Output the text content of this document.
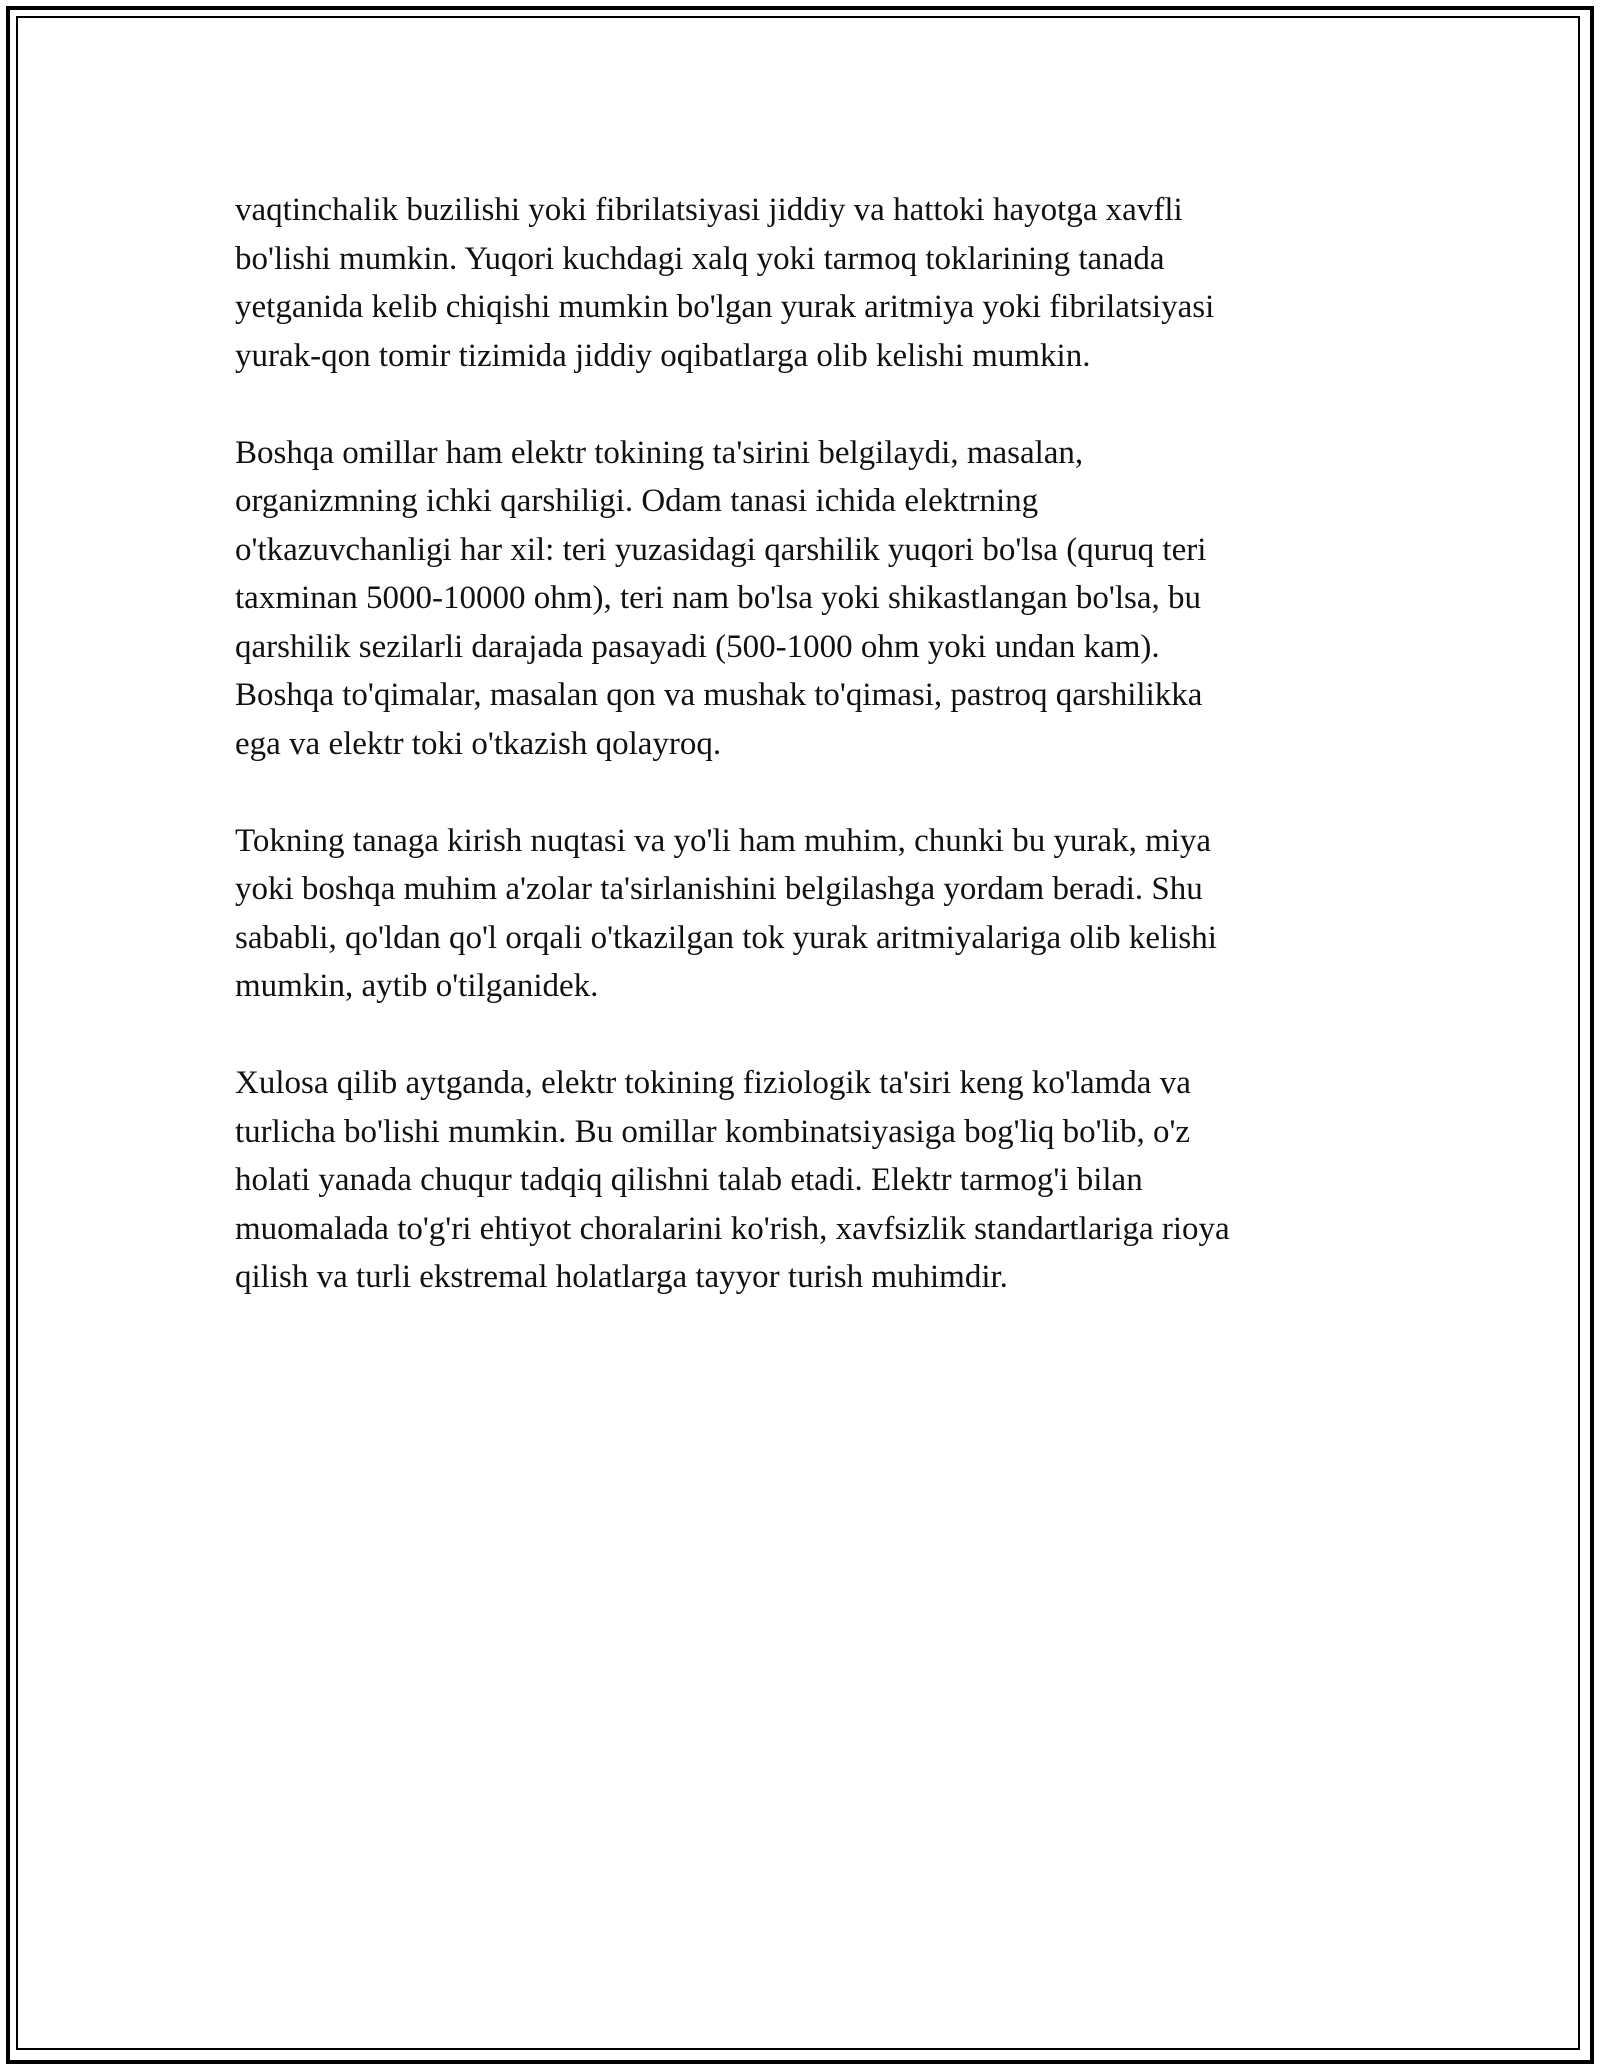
vaqtinchalik buzilishi yoki fibrilatsiyasi jiddiy va hattoki hayotga xavfli
bo'lishi mumkin. Yuqori kuchdagi xalq yoki tarmoq toklarining tanada
yetganida kelib chiqishi mumkin bo'lgan yurak aritmiya yoki fibrilatsiyasi
yurak-qon tomir tizimida jiddiy oqibatlarga olib kelishi mumkin.

Boshqa omillar ham elektr tokining ta'sirini belgilaydi, masalan,
organizmning ichki qarshiligi. Odam tanasi ichida elektrning
o'tkazuvchanligi har xil: teri yuzasidagi qarshilik yuqori bo'lsa (quruq teri
taxminan 5000-10000 ohm), teri nam bo'lsa yoki shikastlangan bo'lsa, bu
qarshilik sezilarli darajada pasayadi (500-1000 ohm yoki undan kam).
Boshqa to'qimalar, masalan qon va mushak to'qimasi, pastroq qarshilikka
ega va elektr toki o'tkazish qolayroq.

Tokning tanaga kirish nuqtasi va yo'li ham muhim, chunki bu yurak, miya
yoki boshqa muhim a'zolar ta'sirlanishini belgilashga yordam beradi. Shu
sababli, qo'ldan qo'l orqali o'tkazilgan tok yurak aritmiyalariga olib kelishi
mumkin, aytib o'tilganidek.

Xulosa qilib aytganda, elektr tokining fiziologik ta'siri keng ko'lamda va
turlicha bo'lishi mumkin. Bu omillar kombinatsiyasiga bog'liq bo'lib, o'z
holati yanada chuqur tadqiq qilishni talab etadi. Elektr tarmog'i bilan
muomalada to'g'ri ehtiyot choralarini ko'rish, xavfsizlik standartlariga rioya
qilish va turli ekstremal holatlarga tayyor turish muhimdir.
